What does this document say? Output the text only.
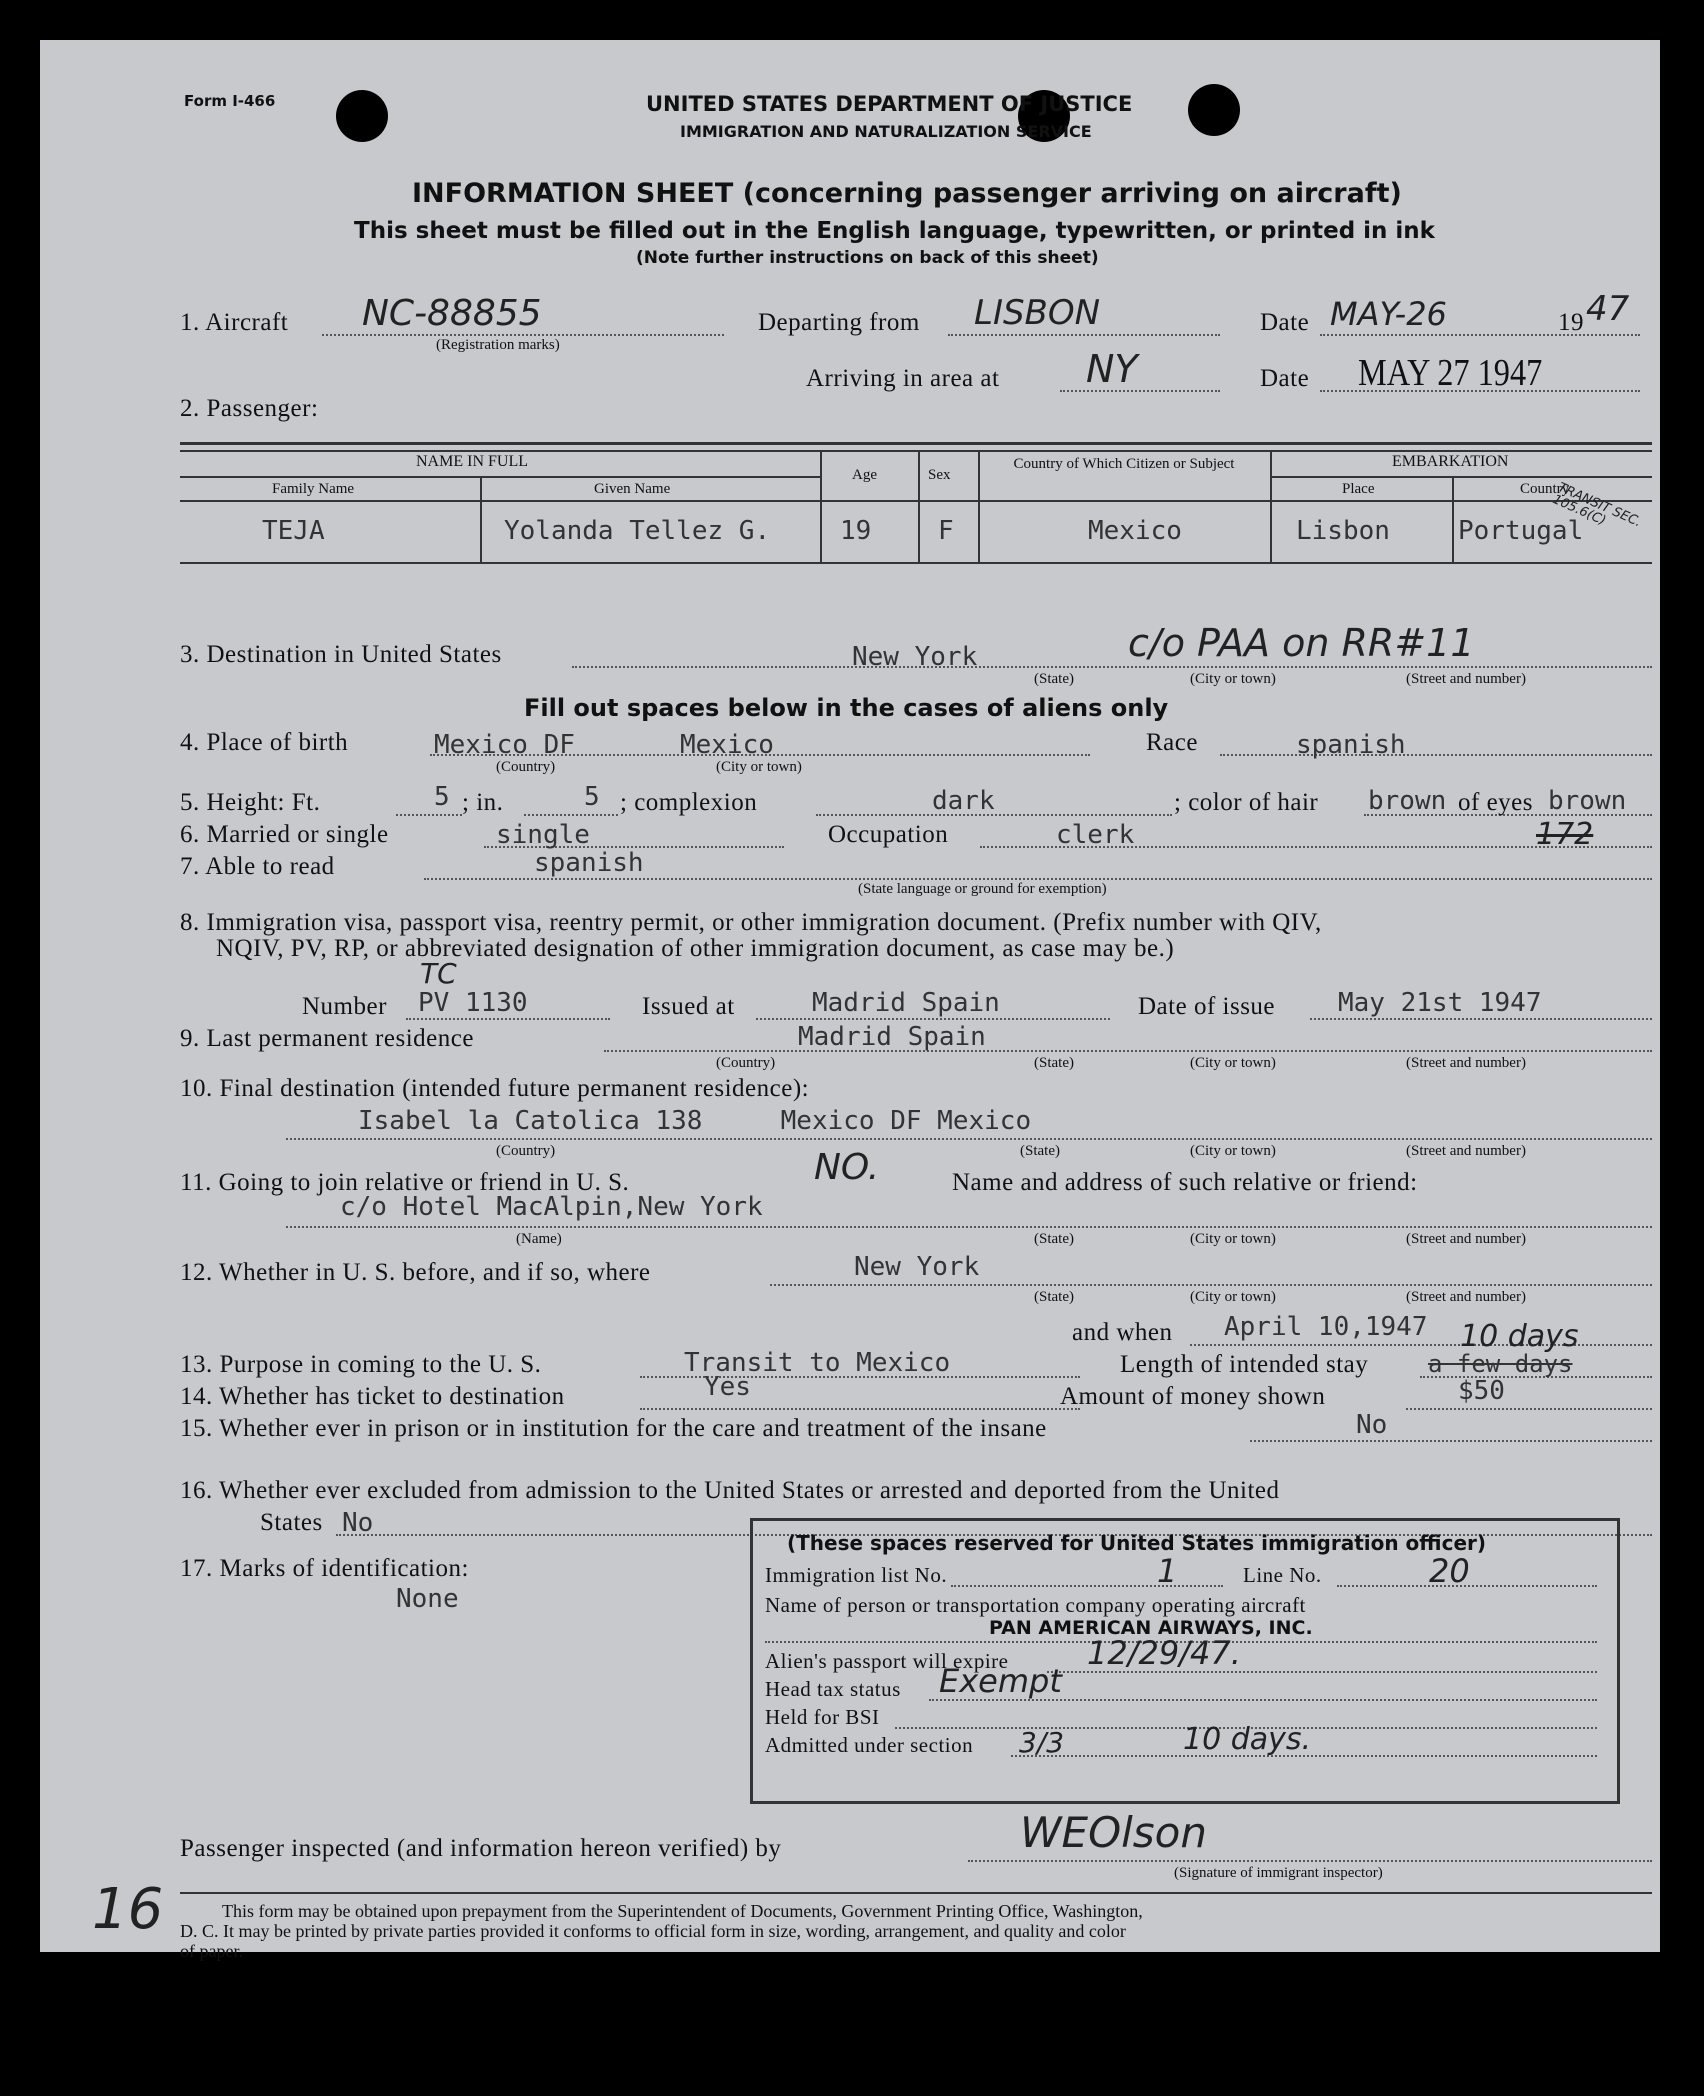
Form I-466	UNITED STATES DEPARTMENT OF JUSTICE
IMMIGRATION AND NATURALIZATION SERVICE
INFORMATION SHEET (concerning passenger arriving on aircraft)
This sheet must be filled out in the English language, typewritten, or printed in ink
(Note further instructions on back of this sheet)
1. Aircraft NC-88855
(Registration marks)
Departing from LISBON	Date MAY-26	19 47
Arriving in area at NY	Date MAY 27 1947
2. Passenger:
NAME IN FULL
Family Name	Given Name
Age	Sex
Country of Which Citizen or Subject	EMBARKATION
Place	Country
TEJA	Yolanda Tellez G.	19	F	Mexico	Lisbon	Portugal
TRANSIT SEC. 105.6(C)
3. Destination in United States	New York	c/o PAA on RR#11
(State)	(City or town)	(Street and number)
Fill out spaces below in the cases of aliens only
4. Place of birth	Mexico DF	Mexico
(Country)	(City or town)
Race	spanish
5. Height: Ft.	5 ; in.	5 ; complexion	dark	; color of hair brown of eyes brown
6. Married or single	single	Occupation	clerk	172
7. Able to read	spanish
(State language or ground for exemption)
8. Immigration visa, passport visa, reentry permit, or other immigration document. (Prefix number with QIV,
NQIV, PV, RP, or abbreviated designation of other immigration document, as case may be.)
Number
TC
PV 1130	Issued at	Madrid Spain	Date of issue May 21st 1947
9. Last permanent residence	Madrid Spain
(Country)	(State)	(City or town)	(Street and number)
10. Final destination (intended future permanent residence):
Isabel la Catolica 138     Mexico DF Mexico
(Country)	(State)	(City or town)	(Street and number)
11. Going to join relative or friend in U. S.	NO.	Name and address of such relative or friend:
c/o Hotel MacAlpin,New York
(Name)	(State)	(City or town)	(Street and number)
12. Whether in U. S. before, and if so, where	New York
(State)	(City or town)	(Street and number)
and when April 10,1947
13. Purpose in coming to the U. S.	Transit to Mexico	Length of intended stay a few days
10 days
14. Whether has ticket to destination	Yes	Amount of money shown	$50
15. Whether ever in prison or in institution for the care and treatment of the insane	No
16. Whether ever excluded from admission to the United States or arrested and deported from the United
States No
17. Marks of identification:
None
(These spaces reserved for United States immigration officer)
Immigration list No.	1	Line No.	20
Name of person or transportation company operating aircraft
PAN AMERICAN AIRWAYS, INC.
Alien's passport will expire 12/29/47.
Head tax status Exempt
Held for BSI
Admitted under section 3/3	10 days.
Passenger inspected (and information hereon verified) by	WEOlson
(Signature of immigrant inspector)
This form may be obtained upon prepayment from the Superintendent of Documents, Government Printing Office, Washington,
D. C. It may be printed by private parties provided it conforms to official form in size, wording, arrangement, and quality and color
of paper.
16
